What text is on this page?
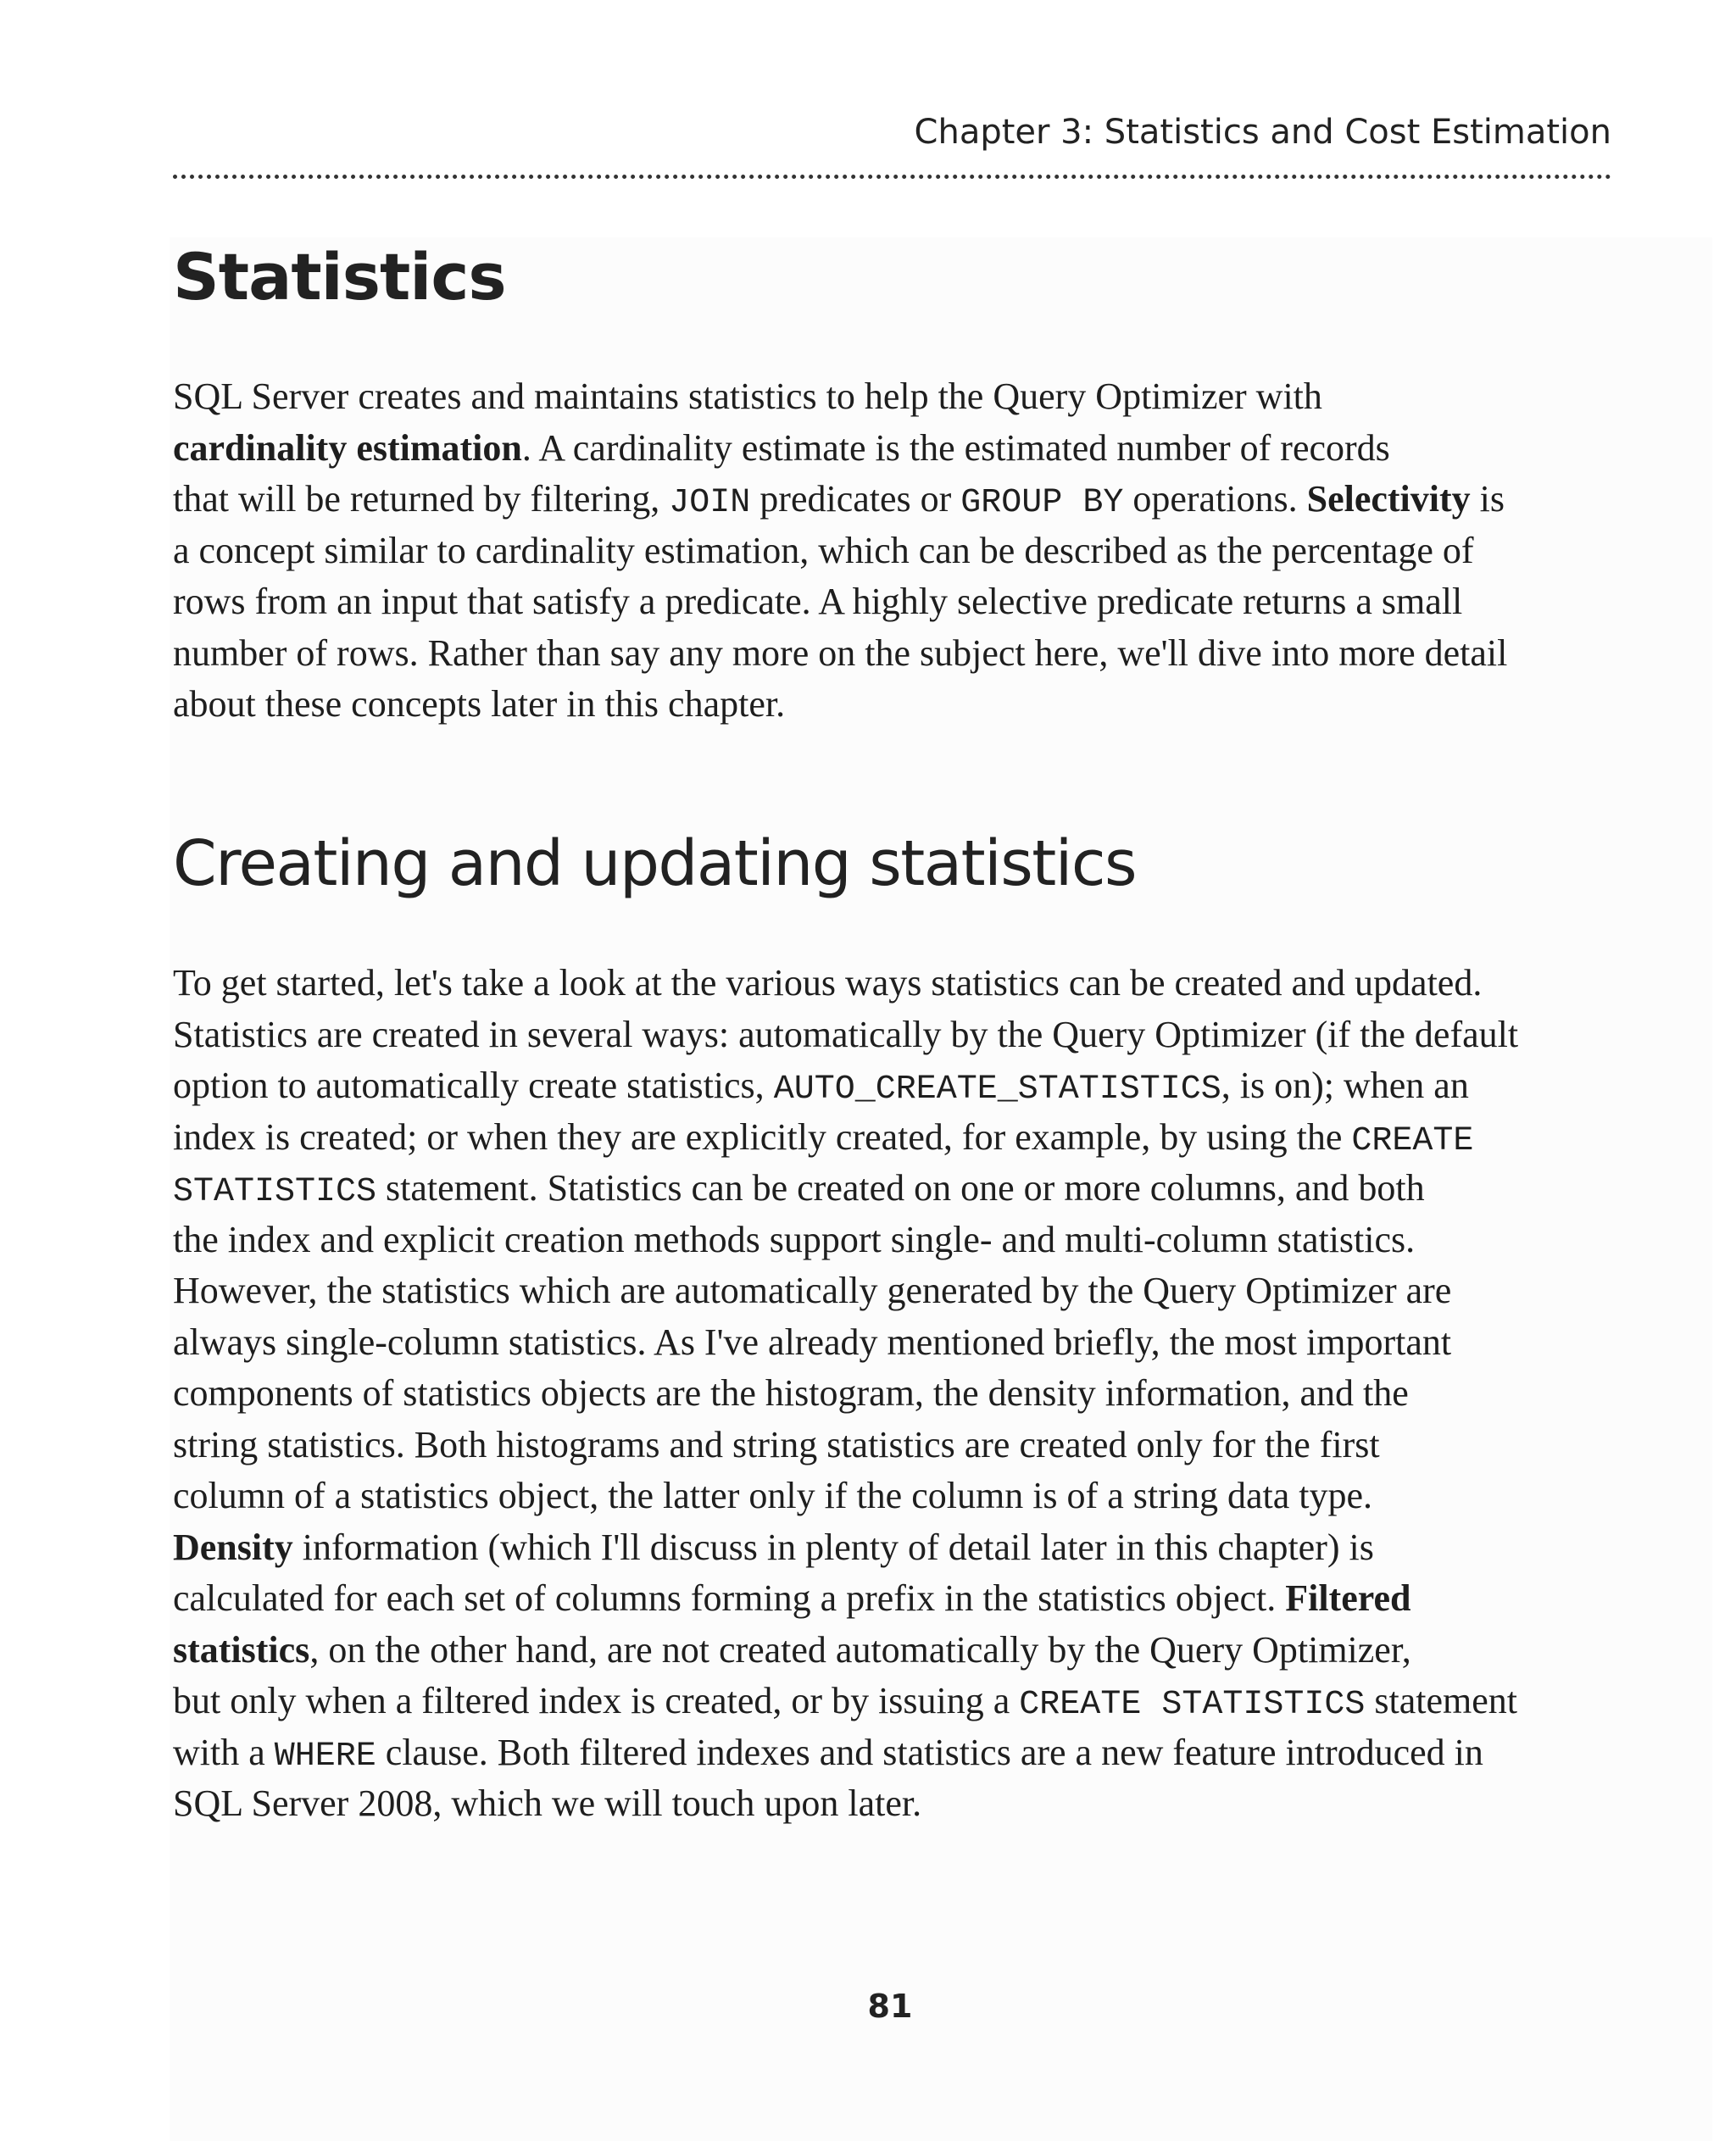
Chapter 3: Statistics and Cost Estimation
Statistics
SQL Server creates and maintains statistics to help the Query Optimizer with
cardinality estimation. A cardinality estimate is the estimated number of records
that will be returned by filtering, JOIN predicates or GROUP BY operations. Selectivity is
a concept similar to cardinality estimation, which can be described as the percentage of
rows from an input that satisfy a predicate. A highly selective predicate returns a small
number of rows. Rather than say any more on the subject here, we'll dive into more detail
about these concepts later in this chapter.
Creating and updating statistics
To get started, let's take a look at the various ways statistics can be created and updated.
Statistics are created in several ways: automatically by the Query Optimizer (if the default
option to automatically create statistics, AUTO_CREATE_STATISTICS, is on); when an
index is created; or when they are explicitly created, for example, by using the CREATE
STATISTICS statement. Statistics can be created on one or more columns, and both
the index and explicit creation methods support single- and multi-column statistics.
However, the statistics which are automatically generated by the Query Optimizer are
always single-column statistics. As I've already mentioned briefly, the most important
components of statistics objects are the histogram, the density information, and the
string statistics. Both histograms and string statistics are created only for the first
column of a statistics object, the latter only if the column is of a string data type.
Density information (which I'll discuss in plenty of detail later in this chapter) is
calculated for each set of columns forming a prefix in the statistics object. Filtered
statistics, on the other hand, are not created automatically by the Query Optimizer,
but only when a filtered index is created, or by issuing a CREATE STATISTICS statement
with a WHERE clause. Both filtered indexes and statistics are a new feature introduced in
SQL Server 2008, which we will touch upon later.
81
